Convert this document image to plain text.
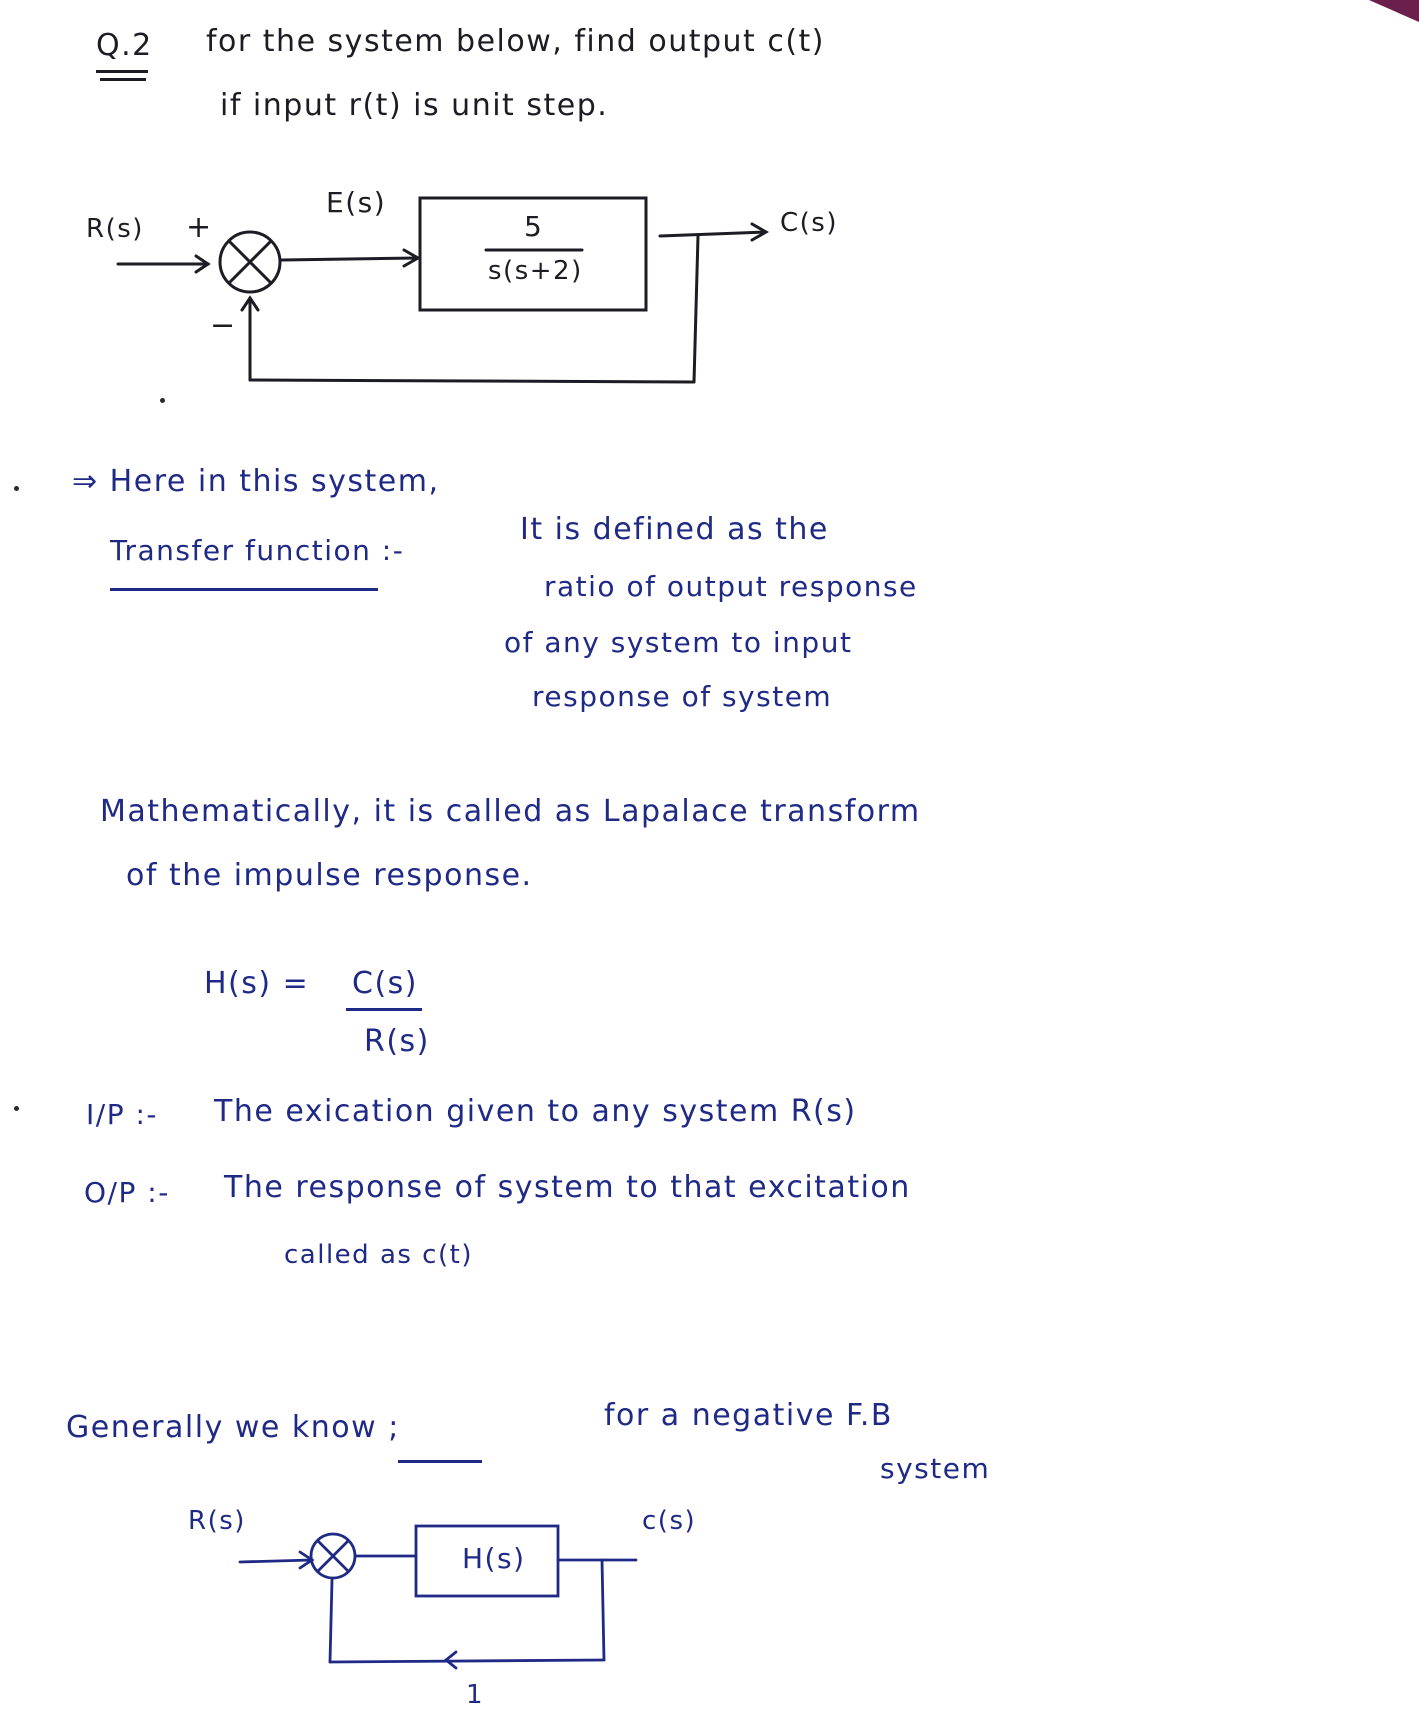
Q.2 for the system below, find output c(t)
if input r(t) is unit step.
R(s) +
−
E(s)
5
s(s+2)
C(s)
⇒ Here in this system,
Transfer function :-
It is defined as the
ratio of output response
of any system to input
response of system
Mathematically, it is called as Lapalace transform
of the impulse response.
H(s) = C(s)
R(s)
I/P :- The exication given to any system R(s)
O/P :- The response of system to that excitation
called as c(t)
Generally we know ;	for a negative F.B
system
R(s)
H(s)
c(s)
1
